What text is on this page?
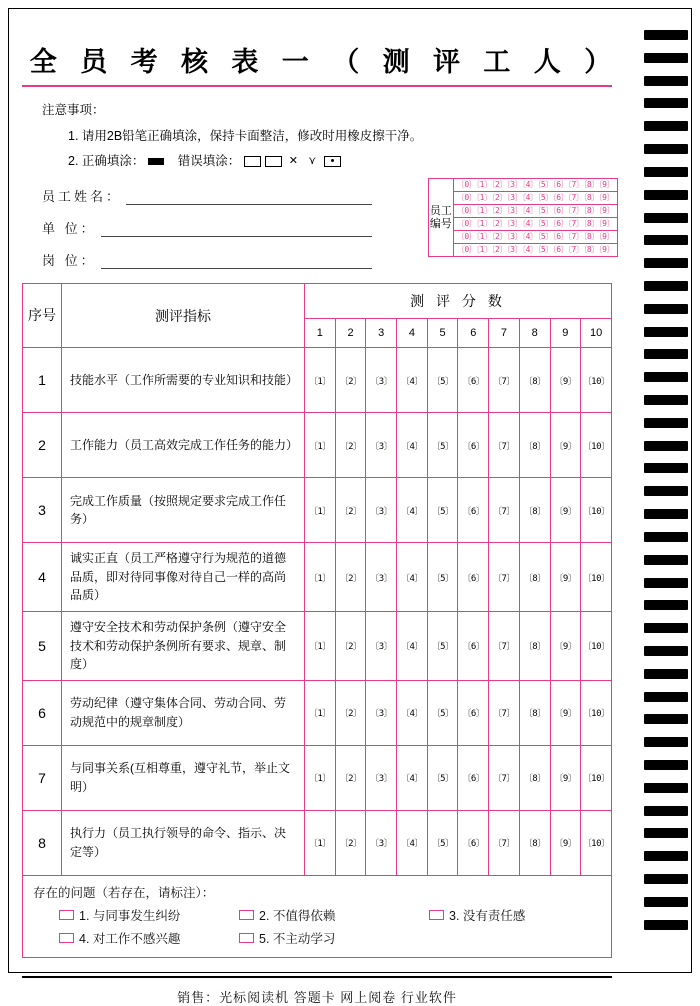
全 员 考 核 表 一 （ 测 评 工 人 ）
注意事项：
1. 请用2B铅笔正确填涂，保持卡面整洁，修改时用橡皮擦干净。
2. 正确填涂：	错误填涂：	✕ ⋎
员工姓名：
单 位：
岗 位：
员工编号
〔0〕〔1〕〔2〕〔3〕〔4〕〔5〕〔6〕〔7〕〔8〕〔9〕
〔0〕〔1〕〔2〕〔3〕〔4〕〔5〕〔6〕〔7〕〔8〕〔9〕
〔0〕〔1〕〔2〕〔3〕〔4〕〔5〕〔6〕〔7〕〔8〕〔9〕
〔0〕〔1〕〔2〕〔3〕〔4〕〔5〕〔6〕〔7〕〔8〕〔9〕
〔0〕〔1〕〔2〕〔3〕〔4〕〔5〕〔6〕〔7〕〔8〕〔9〕
〔0〕〔1〕〔2〕〔3〕〔4〕〔5〕〔6〕〔7〕〔8〕〔9〕
序号	测评指标	测 评 分 数									
		1	2	3	4	5	6	7	8	9	10
1	技能水平（工作所需要的专业知识和技能）	〔1〕	〔2〕	〔3〕	〔4〕	〔5〕	〔6〕	〔7〕	〔8〕	〔9〕	〔10〕
2	工作能力（员工高效完成工作任务的能力）	〔1〕	〔2〕	〔3〕	〔4〕	〔5〕	〔6〕	〔7〕	〔8〕	〔9〕	〔10〕
3	完成工作质量（按照规定要求完成工作任务）	〔1〕	〔2〕	〔3〕	〔4〕	〔5〕	〔6〕	〔7〕	〔8〕	〔9〕	〔10〕
4	诚实正直（员工严格遵守行为规范的道德品质，即对待同事像对待自己一样的高尚品质）	〔1〕	〔2〕	〔3〕	〔4〕	〔5〕	〔6〕	〔7〕	〔8〕	〔9〕	〔10〕
5	遵守安全技术和劳动保护条例（遵守安全技术和劳动保护条例所有要求、规章、制度）	〔1〕	〔2〕	〔3〕	〔4〕	〔5〕	〔6〕	〔7〕	〔8〕	〔9〕	〔10〕
6	劳动纪律（遵守集体合同、劳动合同、劳动规范中的规章制度）	〔1〕	〔2〕	〔3〕	〔4〕	〔5〕	〔6〕	〔7〕	〔8〕	〔9〕	〔10〕
7	与同事关系(互相尊重，遵守礼节，举止文明）	〔1〕	〔2〕	〔3〕	〔4〕	〔5〕	〔6〕	〔7〕	〔8〕	〔9〕	〔10〕
8	执行力（员工执行领导的命令、指示、决定等）	〔1〕	〔2〕	〔3〕	〔4〕	〔5〕	〔6〕	〔7〕	〔8〕	〔9〕	〔10〕
存在的问题（若存在，请标注）：
1. 与同事发生纠纷	2. 不值得依赖	3. 没有责任感
4. 对工作不感兴趣	5. 不主动学习
销售：光标阅读机 答题卡 网上阅卷 行业软件
